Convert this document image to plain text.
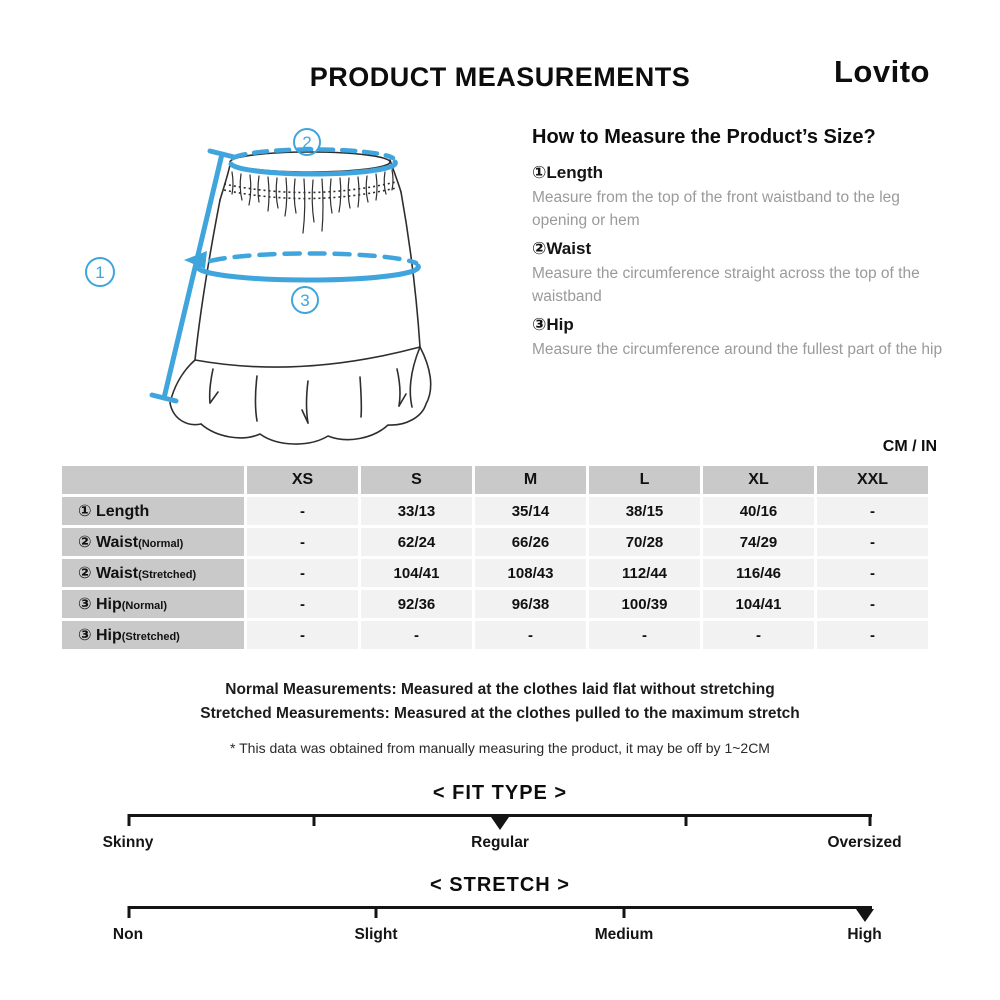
PRODUCT MEASUREMENTS	Lovito
1
2
3
How to Measure the Product’s Size?
①Length
Measure from the top of the front waistband to the leg opening or hem
②Waist
Measure the circumference straight across the top of the waistband
③Hip
Measure the circumference around the fullest part of the hip
CM / IN
	XS	S	M	L	XL	XXL
① Length	-	33/13	35/14	38/15	40/16	-
② Waist(Normal)	-	62/24	66/26	70/28	74/29	-
② Waist(Stretched)	-	104/41	108/43	112/44	116/46	-
③ Hip(Normal)	-	92/36	96/38	100/39	104/41	-
③ Hip(Stretched)	-	-	-	-	-	-
Normal Measurements: Measured at the clothes laid flat without stretching
Stretched Measurements: Measured at the clothes pulled to the maximum stretch
* This data was obtained from manually measuring the product, it may be off by 1~2CM
< FIT TYPE >
Skinny	Regular	Oversized
< STRETCH >
Non	Slight	Medium	High
